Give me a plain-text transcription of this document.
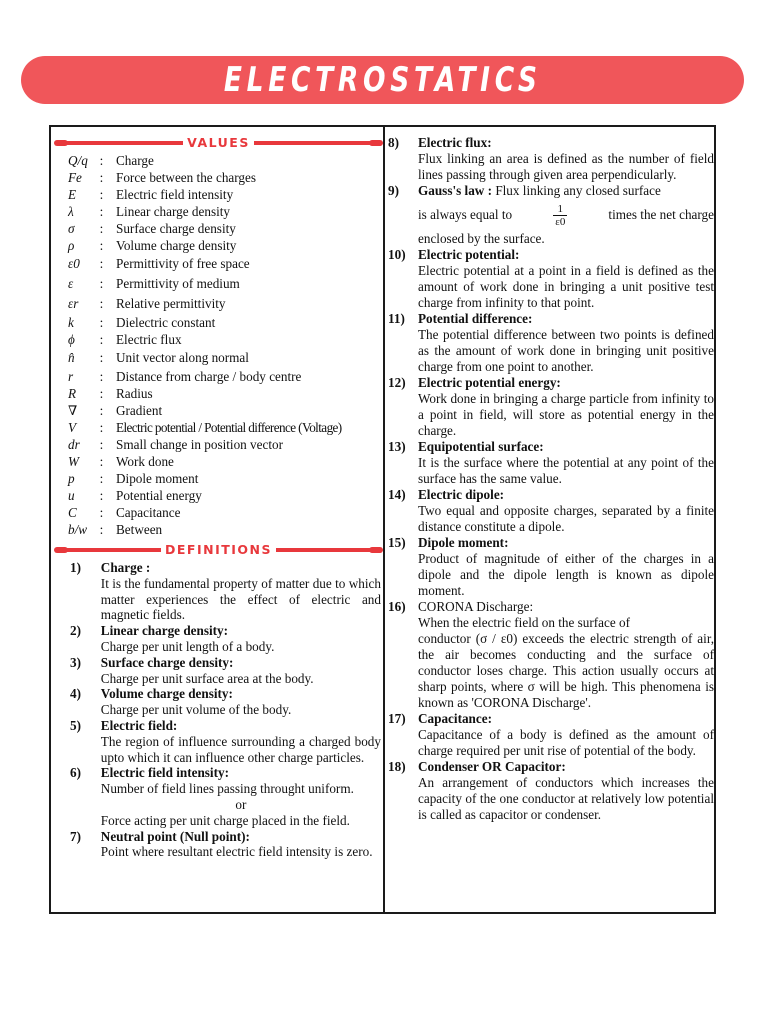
ELECTROSTATICS
VALUES
Q/q : Charge
Fe	: Force between the charges
E	: Electric field intensity
λ	: Linear charge density
σ	: Surface charge density
ρ	: Volume charge density
ε0	: Permittivity of free space
ε	: Permittivity of medium
εr	: Relative permittivity
k	: Dielectric constant
ϕ	: Electric flux
n̂	: Unit vector along normal
r	: Distance from charge / body centre
R	: Radius
∇	: Gradient
V	: Electric potential / Potential difference (Voltage)
dr⃗ : Small change in position vector
W	: Work done
p⃗	: Dipole moment
u	: Potential energy
C	: Capacitance
b/w : Between
DEFINITIONS
1)	Charge :
It is the fundamental property of matter due to which matter experiences the effect of electric and magnetic fields.
2)	Linear charge density:
Charge per unit length of a body.
3)	Surface charge density:
Charge per unit surface area at the body.
4)	Volume charge density:
Charge per unit volume of the body.
5)	Electric field:
The region of influence surrounding a charged body upto which it can influence other charge particles.
6)	Electric field intensity:
Number of field lines passing throught uniform.
or
Force acting per unit charge placed in the field.
7)	Neutral point (Null point):
Point where resultant electric field intensity is zero.
8)	Electric flux:
Flux linking an area is defined as the number of field lines passing through given area perpendicularly.
9)	Gauss's law : Flux linking any closed surface
is always equal to	$\frac{1}{\varepsilon 0}$	times the net charge
enclosed by the surface.
10) Electric potential:
Electric potential at a point in a field is defined as the amount of work done in bringing a unit positive test charge from infinity to that point.
11) Potential difference:
The potential difference between two points is defined as the amount of work done in bringing unit positive charge from one point to another.
12) Electric potential energy:
Work done in bringing a charge particle from infinity to a point in field, will store as potential energy in the charge.
13) Equipotential surface:
It is the surface where the potential at any point of the surface has the same value.
14) Electric dipole:
Two equal and opposite charges, separated by a finite distance constitute a dipole.
15) Dipole moment:
Product of magnitude of either of the charges in a dipole and the dipole length is known as dipole moment.
16) CORONA Discharge:
When the electric field on the surface of
conductor (σ / ε0) exceeds the electric strength of air, the air becomes conducting and the surface of conductor loses charge. This action usually occurs at sharp points, where σ will be high. This phenomena is known as 'CORONA Discharge'.
17) Capacitance:
Capacitance of a body is defined as the amount of charge required per unit rise of potential of the body.
18) Condenser OR Capacitor:
An arrangement of conductors which increases the capacity of the one conductor at relatively low potential is called as capacitor or condenser.
